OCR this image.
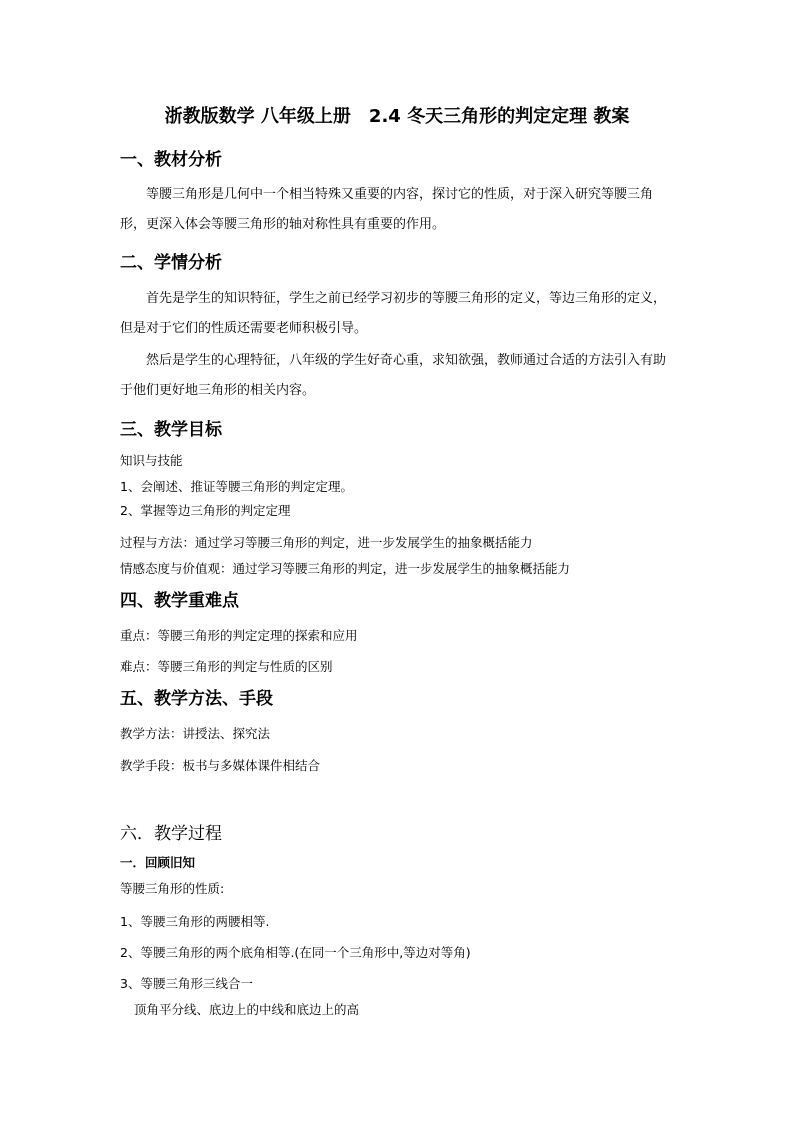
浙教版数学 八年级上册　2.4 冬天三角形的判定定理 教案
一、教材分析
等腰三角形是几何中一个相当特殊又重要的内容，探讨它的性质，对于深入研究等腰三角形，更深入体会等腰三角形的轴对称性具有重要的作用。
二、学情分析
首先是学生的知识特征，学生之前已经学习初步的等腰三角形的定义，等边三角形的定义，但是对于它们的性质还需要老师积极引导。
然后是学生的心理特征，八年级的学生好奇心重，求知欲强，教师通过合适的方法引入有助于他们更好地三角形的相关内容。
三、教学目标
知识与技能
1、会阐述、推证等腰三角形的判定定理。
2、掌握等边三角形的判定定理
过程与方法：通过学习等腰三角形的判定，进一步发展学生的抽象概括能力
情感态度与价值观：通过学习等腰三角形的判定，进一步发展学生的抽象概括能力
四、教学重难点
重点：等腰三角形的判定定理的探索和应用
难点：等腰三角形的判定与性质的区别
五、教学方法、手段
教学方法：讲授法、探究法
教学手段：板书与多媒体课件相结合
六．教学过程
一．回顾旧知
等腰三角形的性质:
1、等腰三角形的两腰相等.
2、等腰三角形的两个底角相等.(在同一个三角形中,等边对等角)
3、等腰三角形三线合一
顶角平分线、底边上的中线和底边上的高
